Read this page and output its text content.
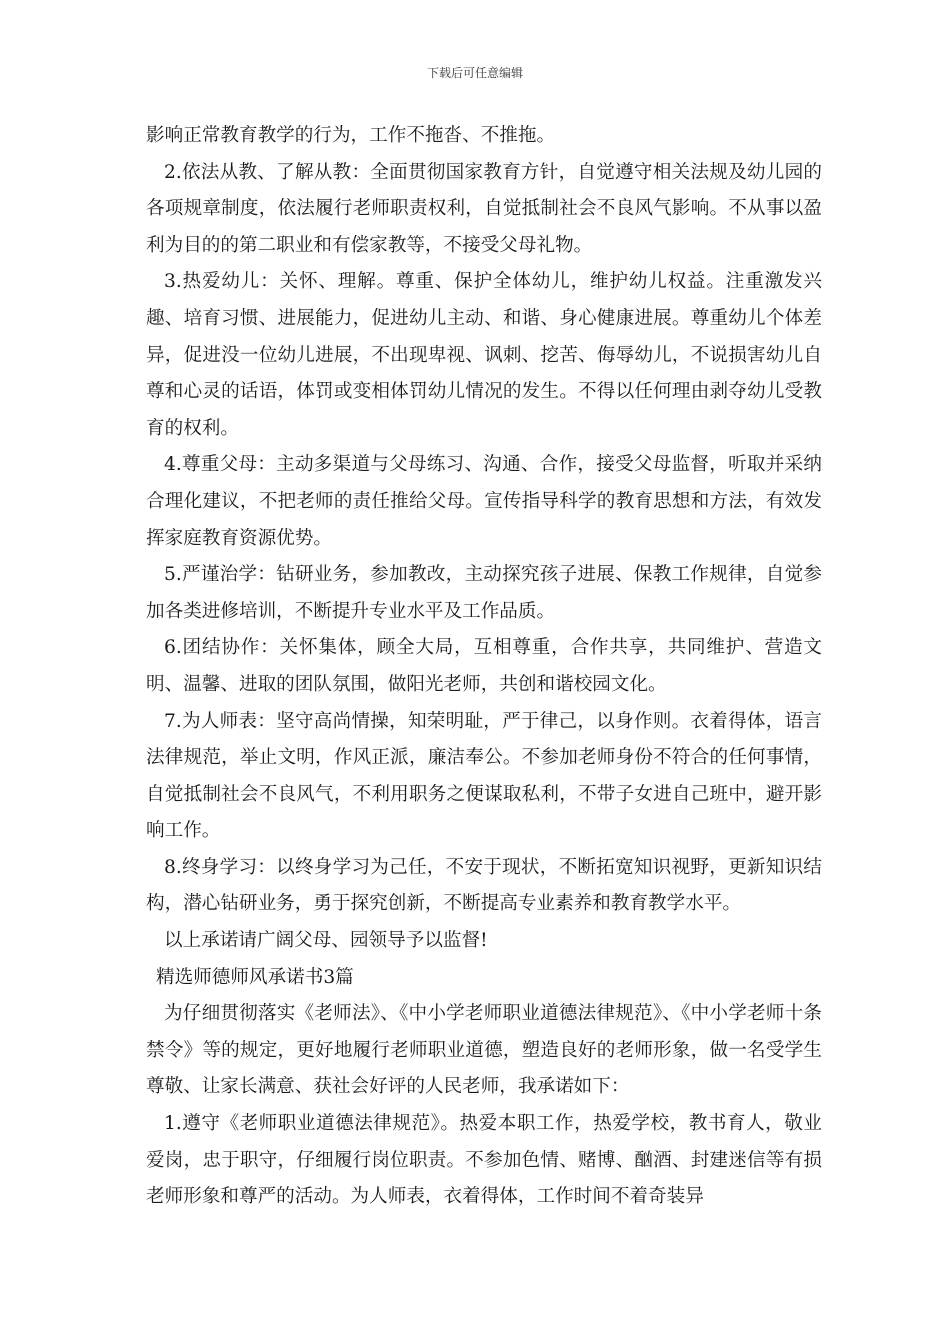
下载后可任意编辑

影响正常教育教学的行为，工作不拖沓、不推拖。

2.依法从教、了解从教：全面贯彻国家教育方针，自觉遵守相关法规及幼儿园的各项规章制度，依法履行老师职责权利，自觉抵制社会不良风气影响。不从事以盈利为目的的第二职业和有偿家教等，不接受父母礼物。

3.热爱幼儿：关怀、理解。尊重、保护全体幼儿，维护幼儿权益。注重激发兴趣、培育习惯、进展能力，促进幼儿主动、和谐、身心健康进展。尊重幼儿个体差异，促进没一位幼儿进展，不出现卑视、讽刺、挖苦、侮辱幼儿，不说损害幼儿自尊和心灵的话语，体罚或变相体罚幼儿情况的发生。不得以任何理由剥夺幼儿受教育的权利。

4.尊重父母：主动多渠道与父母练习、沟通、合作，接受父母监督，听取并采纳合理化建议，不把老师的责任推给父母。宣传指导科学的教育思想和方法，有效发挥家庭教育资源优势。

5.严谨治学：钻研业务，参加教改，主动探究孩子进展、保教工作规律，自觉参加各类进修培训，不断提升专业水平及工作品质。

6.团结协作：关怀集体，顾全大局，互相尊重，合作共享，共同维护、营造文明、温馨、进取的团队氛围，做阳光老师，共创和谐校园文化。

7.为人师表：坚守高尚情操，知荣明耻，严于律己，以身作则。衣着得体，语言法律规范，举止文明，作风正派，廉洁奉公。不参加老师身份不符合的任何事情，自觉抵制社会不良风气，不利用职务之便谋取私利，不带子女进自己班中，避开影响工作。

8.终身学习：以终身学习为己任，不安于现状，不断拓宽知识视野，更新知识结构，潜心钻研业务，勇于探究创新，不断提高专业素养和教育教学水平。

以上承诺请广阔父母、园领导予以监督!

精选师德师风承诺书3篇

为仔细贯彻落实《老师法》、《中小学老师职业道德法律规范》、《中小学老师十条禁令》等的规定，更好地履行老师职业道德，塑造良好的老师形象，做一名受学生尊敬、让家长满意、获社会好评的人民老师，我承诺如下：

1.遵守《老师职业道德法律规范》。热爱本职工作，热爱学校，教书育人，敬业爱岗，忠于职守，仔细履行岗位职责。不参加色情、赌博、酗酒、封建迷信等有损老师形象和尊严的活动。为人师表，衣着得体，工作时间不着奇装异
